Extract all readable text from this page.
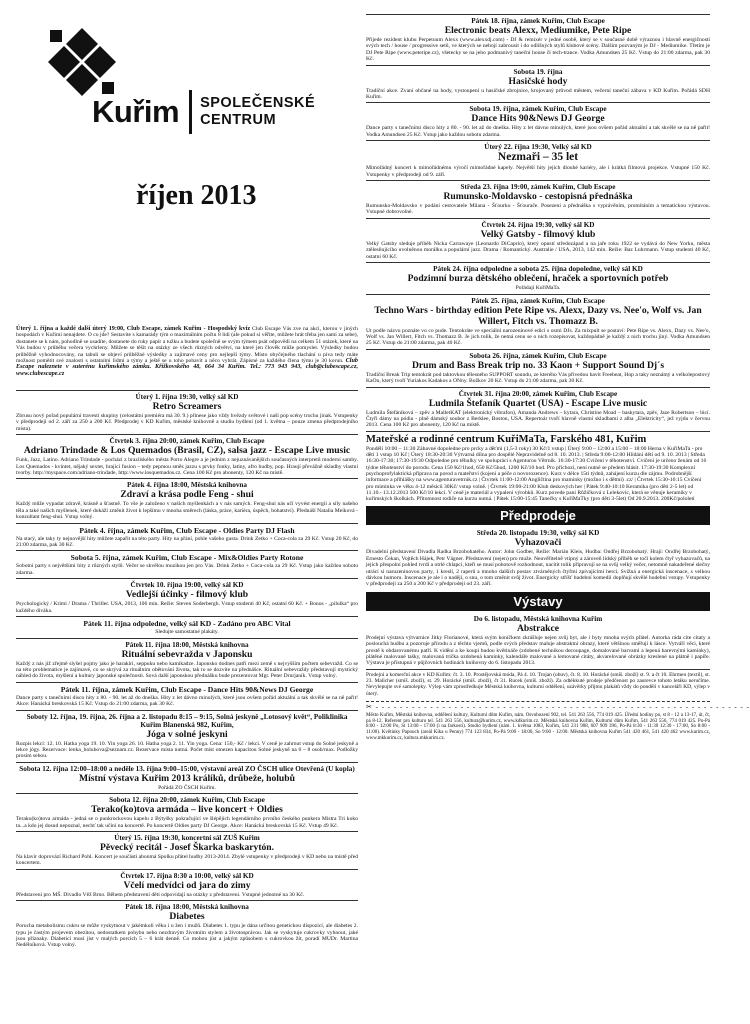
Kuřim SPOLEČENSKÉ
CENTRUM
říjen 2013
Úterý 1. října a každé další úterý 19:00, Club Escape, zámek Kuřim - Hospodský kvíz Club Escape Vás zve na akci, kterou v jiných hospodách v Kuřimi nenajdete. O co jde? Sestavíte s kamarády tým o maximálním počtu 8 lidí (ale pokud si věříte, můžete hrát třeba jen sami za sebe), dostanete se k nám, pohodlně se usadíte, dostanete do ruky papír a tužku a budete společně se svým týmem psát odpovědi na celkem 51 otázek, které na Vás budou v průběhu večera vychrleny. Můžete se těšit na otázky ze všech různých odvětví, na které jen člověk může pomyslet. Výsledky budou průběžně vyhodnocovány, na tabuli se objeví průběžné výsledky a zajímavé ceny pro nejlepší týmy. Místo obyčejného tlachání u piva tedy máte možnost pomětit své znalosti s ostatními lidmi a týmy a ještě se u toho pobavit a něco vyhrát. Zápisné za každého člena týmu je 30 korun. Club Escape naleznete v suterénu kuřimského zámku. Křížkovského 48, 664 34 Kuřim. Tel.: 773 943 943, club@clubescape.cz, www.clubescape.cz
Úterý 1. října 19:30, velký sál KD
Retro Screamers
Zbrusu nový pořad populární travesti skupiny (celostátní premiéra má 30. 9.) přinese jako vždy hvězdy světové i naší pop scény trochu jinak. Vstupenky v předprodeji od 2. září za 250 a 200 Kč. Předprodej v KD Kuřim, městské knihovně a studiu bydlení (od 1. května – pouze zmena předprodejního místa).
Čtvrtek 3. října 20:00, zámek Kuřim, Club Escape
Adriano Trindade & Los Quemados (Brasil, CZ), salsa jazz - Escape Live music
Funk, Jazz, Latino. Adriano Trindade - pochází z brazilského města Porto Alegre a je jedním z nejuznávanějších současných interpretů moderní samby. Los Quemados - kvintet, nějaký sextet, hrající fusion – tedy pepmou směs jazzu s prvky funky, latiny, afro hudby, pop. Hraují převážně skladby vlastní tvorby. http://myspace.com/adriano-trindade, http://www.losquemados.cz. Cena 100 Kč pro abonenty, 120 Kč na místě.
Pátek 4. října 18:00, Městská knihovna
Zdraví a krása podle Feng - shui
Každý může vypadat zdravě, krásně a šťastně. To vše je založeno v našich myšlenkách a v nás samých. Feng-shui nás učí vyvést energii a síly našeho těla a také našich myšlenek, které dokáží změnit život k lepšímu v mnoha směrech (láska, práce, kariéra, úspěch, bohatství). Přednáší Natalia Meíková - konzultant feng-shui. Vstup volný.
Pátek 4. října, zámek Kuřim, Club Escape - Oldies Party DJ Flash
Na starý, ale taky ty nejnovější hity můžete zapařit na této party. Hity na přání, pohle vašeho gusta. Drink Zetko + Coca-cola za 29 Kč. Vstup 20 Kč, do 21:00 zdarma, pak 30 Kč.
Sobota 5. října, zámek Kuřim, Club Escape - Mix&Oldies Party Rotone
Sobotní party s největšími hity z různých stylů. Večer se skvělou muzikou jen pro Vás. Drink Zetko + Coca-cola za 29 Kč. Vstup jako každou sobotu zdarma.
Čtvrtek 10. října 19:00, velký sál KD
Vedlejší účinky - filmový klub
Psychologický / Krimi / Drama / Thriller. USA, 2013, 106 min. Režie: Steven Soderbergh. Vstup studenti 40 Kč, ostatní 60 Kč. + Bonus - „pilulka“ pro každého diváka.
Pátek 11. října odpoledne, velký sál KD - Zadáno pro ABC Vital
Sledujte samostatné plakáty.
Pátek 11. října 18:00, Městská knihovna
Rituální sebevražda v Japonsku
Každý z nás již zřejmě slyšel pojmy jako je harakiri, seppuku nebo kamikadze. Japonsko dodnes patří mezi země s nejvyšším počtem sebevražd. Co se na této problematice je zajímavé, co se skrývá za rituálním obětování života, tak to se dozvíte na přednášce. Rituální sebevraždy představují mystický náhled do života, myšlení a kultury japonské společnosti. Sová další japonskou přednášku bude prezentovat Mgr. Peter Drurjaník. Vstup volný.
Pátek 11. října, zámek Kuřim, Club Escape - Dance Hits 90&News DJ George
Dance party s tanečními disco hity z 80. - 90. let až do dneška. Hity z let dávno minulých, které jsou ovšem pořád aktuální a tak skvělé se na ně pařit! Akce: Hanácká breskovská 15 Kč. Vstup do 21:00 zdarma, pak 30 Kč.
Soboty 12. října, 19. října, 26. října a 2. listopadu 8:15 – 9:15, Solná jeskyně „Lotosový květ“, Poliklinika Kuřim Blanenská 982, Kuřim,
Jóga v solné jeskyni
Rozpis lekcí: 12. 10. Hatha yoga 19. 10. Yin yoga 26. 10. Hatha yoga 2. 11. Yin yoga. Cena: 150,- Kč / lekci. V ceně je zahrnut vstup do Solné jeskyně a lekce jógy. Rezervace: lenka_holubova@seznam.cz. Rezervace místa nutná. Počet míst omezen kapacitou Solné jeskyně na 6 – 8 osob/max. Podložky prosím sebou.
Sobota 12. října 12:00–18:00 a neděle 13. října 9:00–15:00, výstavní areál ZO ČSCH ulice Otevřená (U kopla)
Místní výstava Kuřim 2013 králíků, drůbeže, holubů
Pořádá ZO ČSCH Kuřim.
Sobota 12. října 20:00, zámek Kuřim, Club Escape
Terako(ko)tova armáda – live koncert + Oldies
Terako(ko)tova armáda - jedná se o punkrockovou kapelu z Býtyšky pokračující ve šlépějích legendárního prvního českého punkera Mistra Tri koko ta...a kdo jej dosud nepoznal, nechť tak učiní na koncertě. Po koncertě Oldies party DJ George. Akce: Hanácká breskovská 15 Kč. Vstup 49 Kč.
Úterý 15. října 19:30, koncertní sál ZUŠ Kuřim
Pěvecký recitál - Josef Škarka baskarytón.
Na klavír doprovází Richard Pohl. Koncert je součástí abonmá Spolku přátel hudby 2013-2014. Zbylé vstupenky v předprodeji v KD nebo na místě před koncertem.
Čtvrtek 17. října 8:30 a 10:00, velký sál KD
Včelí medvídci od jara do zimy
Představení pro MŠ. Divadlo Věž Brno. Během představení děti odpovídají na otázky z představeni. Vstupné jednotné na 30 Kč.
Pátek 18. října 18:00, Městská knihovna
Diabetes
Porucha metabolismu cukru se může vyskytnout v jakémkoli věku i u žen i mužů. Diabetes 1. typu je dána určitou genetickou dispozicí, ale diabetes 2. typu je častým projevem obezitou, nedostatkem pohybu nebo nezdravým životním stylem a životosprávou. Jak se vyskytuje cukrovky vyhnout, jaké jsou příznaky. Diabetici musí jíst v malých porcích 5 – 6 krát denně. Co mohou jíst a jakým způsobem s cukrovkou žít, poradí MUDr. Martina Nedělníková. Vstup volný.
Pátek 18. října, zámek Kuřim, Club Escape
Electronic beats Alexx, Mediumike, Pete Ripe
Přijede rezident klubu Perpetuum Alexx (www.alexxdj.com) - DJ & remixér v jedné osobě, který se v současné době výraznou i hlavně energičností svých tech / house / progressive setů, ve kterých se nebojí zabrousit i do odlišných stylů klubové scény. Dalším pozvaným je DJ - Mediumike. Třetím je DJ Pete Ripe (www.peteripe.cz), všetecky se na jeho podmanivý taneční house či tech-trance. Vodka Amundsen 25 Kč. Vstup do 21:00 zdarma, pak 30 Kč.
Sobota 19. října
Hasičské hody
Tradiční akce. Zvaní občané na hody, vystoupení u hasičské zbrojnice, krojovaný průvod městem, večerní taneční zábava v KD Kuřim. Pořádá SDH Kuřim.
Sobota 19. října, zámek Kuřim, Club Escape
Dance Hits 90&News DJ George
Dance party s tanečními disco hity z 80. - 90. let až do dneška. Hity z let dávno minulých, které jsou ovšem pořád aktuální a tak skvělé se na ně pařit! Vodka Amundsen 25 Kč. Vstup jako každou sobotu zdarma.
Úterý 22. října 19:30, Velký sál KD
Nezmaři – 35 let
Mimořádný koncert k mimořádnému výročí mimořádné kapely. Největší hity jejich dlouhé kariéry, ale i krátká filmová projekce. Vstupné 150 Kč. Vstupenky v předprodeji od 9. září.
Středa 23. října 19:00, zámek Kuřim, Club Escape
Rumunsko-Moldavsko - cestopisná přednáška
Rumunsko-Moldavsko v podání cestovatele Milana - Šťourko - Šťourače. Posezení a přednáška s vyprávěním, promítáním a tematickou výstavou. Vstupné dobrovolné.
Čtvrtek 24. října 19:30, velký sál KD
Velký Gatsby - filmový klub
Velký Gatsby sleduje příběh Nicka Carrawaye (Leonardo DiCaprio), který opustí středozápad a na jaře roku 1922 se vydává do New Yorku, města ztělesňujícího uvolněnou morálku a populární jazz. Drama / Romantický. Australie / USA, 2013, 142 min. Režie: Baz Luhrmann. Vstup studenti 40 Kč, ostatní 60 Kč.
Pátek 24. října odpoledne a sobota 25. října dopoledne, velký sál KD
Podzimní burza dětského oblečení, hraček a sportovních potřeb
Pořádají KuřiMaTa.
Pátek 25. října, zámek Kuřim, Club Escape
Techno Wars - birthday edition Pete Ripe vs. Alexx, Dazy vs. Nee'o, Wolf vs. Jan Willert, Fitch vs. Thomazz B.
Ut podle názvu poznáte vo co pude. Tentokráte ve speciální narozeninové edici s osmi DJs. Za mixpult se postaví: Pete Ripe vs. Alexx, Dazy vs. Nee'o, Wolf vs. Jan Willert, Fitch vs. Thomazz B. Je jich tolik, že nemá cenu se o nich rozepisovat, každopádně je každý z nich trochu jiný. Vodka Amundsen 25 Kč. Vstup do 21:00 zdarma, pak 40 Kč.
Sobota 26. října, zámek Kuřim, Club Escape
Drum and Bass Break trip no. 33 Kaon + Support Sound Dj´s
Tradiční Break Trip tentokrát pod taktovkou tělesného SUPPORT soundu, ze kterého Vás přivedou bavit Freebeat, Hop a taky neznámý a velkolepostový KaOn, který tvoří Yuriakos Kadakos a ONny. Božkov 20 Kč. Vstup do 21:00 zdarma, pak 30 Kč.
Čtvrtek 31. října 20:00, zámek Kuřim, Club Escape
Ludmila Štefaník Quartet (USA) - Escape Live music
Ludmila Štefániková – zpěv a MalletKAT (elektronický vibrafon), Amanda Andrews – kytara, Christine Moad – baskytara, zpěv, Jaze Robertson – bicí. Čtyři dámy na pódiu - plně dámský soubor z Berklee, Boston, USA. Repertoár tvoří hlavně vlastní skladbami z alba „Elektricity“, jež vyjdu v červnu 2013. Cena 100 Kč pro abonenty, 120 Kč na místě.
Mateřské a rodinné centrum KuřiMaTa, Farského 481, Kuřim
Pondělí 10:00 – 11:30 Zábavné dopoledne pro prcky a děťmi (1,5-3 roky) 30 Kč/1 vstup | Úterý 9:00 – 12:00 a 15:00 – 18:00 Herna v KuřiMaTa - pro děti 1 vstup 10 Kč | Úterý 18:30-20:30 Výtvarná dílna pro dospělé Nepravidelně od 8. 10. 2013. | Středa 9:00-12:00 Hlídání dětí od 9. 10. 2013 | Středa 16:30-17:30; 17:30-19:30 Odpoledne pro těhulky ve spolupráci s Agenturou Větrník. 16:30-17:30 Cvičení v těhotenství. Cvičení je určeno ženám od 16 týdne těhotenství do porodu. Cena 150 Kč/1hod, 650 Kč/5hod, 1200 Kč/10 hod. Pro příchozí, není nutné se předem hlásit. 17:30-19:30 Komplexní psychoprofylaktická příprava na porod a mateřství (kojení a péče o novorozence). Kurz v délce 15ti týdnů, zahájení kurzu dle zájmu. Podrobnější informace a přihlášky na www.agenturavetrnik.cz | Čtvrtek 11:00-12:00 Angličtina pro maminky (možno i s dětmi) .cz/ | Čtvrtek 15:30-16:15 Cvičení pro miminka ve věku 4-12 měsíců 30Kč/ vstup volně. | Čtvrtek 19:00-21:00 Klub deskových her | Pátek 9:40-10:10 Keramika (pro děti 2-5 let) od 11.10.- 13.12.2013 500 Kč/10 lekcí. V ceně je materiál a vypalení výrobků. Kurz povede paní Růžičková z Lelekovic, která se věnuje keramiky v kuřimských školkách. Přítomnost rodiče na kurzu nutná. | Pátek 15:00-15:45 Tanečky s KuřiMaTky (pro děti 3-5let) Od 20.9.2013. 200Kč/pololetí
Předprodeje
Středa 20. listopadu 19:30, velký sál KD
Vyhazovači
Divadelní představení Divadla Radka Brzobohatého. Autor: John Godber, Režie: Marián Kleis, Hudba: Ondřej Brzobohatý. Hrají: Ondřej Brzobohatý, Ernesto Čekan, Vojtěch Hájek, Petr Vágner. Představení (nejen) pro muže. Neuvěřitelně vtipný a zároveň lidský příběh se točí kolem čtyř vyhazovačů, na jejich přespolní pohled tvrdí a otrlé chlapci, kteří se musí pohotově rozhodnout, nacítit tolik připravují se na svůj velký večer, netomně nakadeřené slečny utrácí si naruzeninovou party, 1 kreslí, 2 raperů a mnoho dalších postav ztvárněných čtyřmi zpívajícími herci. Svižná a energická inscenace, s velkou dávkou humoru. Inscenace je ale i o naději, o snu, o tom změnit svůj život. Energicky stříšť hudební komedii doplňují skvělé hudební vstupy. Vstupenky v předprodeji za 250 a 200 Kč v předprodeji od 23. září.
Výstavy
Do 6. listopadu, Městská knihovna Kuřim
Abstrakce
Prodejní výstava výtvarnice Jitky Florianové, která svým koníčkem zkrášluje nejen svůj byt, ale i byty mnoha svých přátel. Autorka ráda cite citaty a poslouchá hudbu a pozoruje přírodu a z těchto vjemů, podle svých představ maluje abstraktní obrazy, které většinou směřují k lásce. Vytváří věci, které prostě k obdarovanému patří. K vidění a ke koupi budou květináče (zdobené technikou decoupage, domalované barvami a lepená barevnými kamínky), plátěné malované tašky, malovaná trička ozdobená kamínky, kalendáře malované a lemované citáty, akvarelované obrázky kreslené na plátně i papíře. Výstava je přístupná v půjčovních hodinách knihovny do 6. listopadu 2013.
Prodejní a komerční akce v KD Kuřim: čt. 3. 10. Prostějovská móda, Pá 4. 10. Trojan (obuv), čt. 8. 10. Horácké (smíš. zboží) st. 9. a čt 10. Ehrmen (textil), st. 23. Malicher (smíš. zboží), st. 29. Horácké (smíš. zboží), čt 31. Rucek (smíš. zboží). Za odtékkuté prodeje předčenost po zaurevce tohoto letáku neručíme. Nevylepujte své samolepky. Výlep vám zprostředkuje Městská knihovna, kulturní oddělení, uzávěrky přijmu plakátů vždy do pondělí v kanceláři KD, výlep v úterý.
✂ - - - - - - - - - - - - - - - - - - - - - - - - - - - - - - - - - - - - - - - - - - - - - - - - - - - - - - - - - - - - - -
Město Kuřim, Městská knihovna, oddělení kultury, Kulturní dům Kuřim, nám. Osvobození 902, tel. 541 263 556, 774 019 425. Úřední hodiny po, st 8 - 12 a 13-17, út, čt, pá 8-12. Referent pro kulturu tel. 541 263 556, kultura@kurim.cz, www.kdkurim.cz. Městská knihovna Kuřim, Kulturní dům Kuřim, 541 263 556, 774 019 425. Po-Pá 8:00 - 12:00 Po, St 13:00 - 17:00 (i na farkosti). Studio bydlení (nám. 1. května 1083, Kuřim, 541 231 908, 607 909 396, Po-Pá 8:30 - 11:30 12:30 - 17:00, So 8:00 - 11:00). Květinky Papouch (areál Kika u Penny) 774 123 834, Po-Pá 9:00 - 18:00, So 9:00 - 12:00. Městská knihovna Kuřim 541 420 461, 541 420 462 www.kurim.cz, www.mkkurim.cz, kultura.mkkurim.cz.
